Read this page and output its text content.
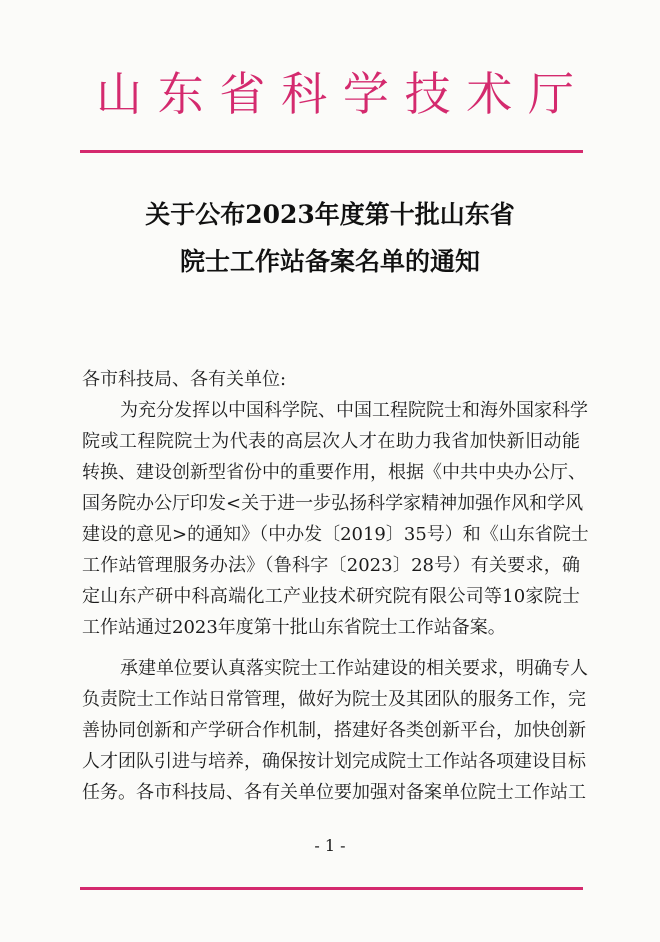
山东省科学技术厅
关于公布2023年度第十批山东省
院士工作站备案名单的通知
各市科技局、各有关单位:
为充分发挥以中国科学院、中国工程院院士和海外国家科学
院或工程院院士为代表的高层次人才在助力我省加快新旧动能
转换、建设创新型省份中的重要作用，根据《中共中央办公厅、
国务院办公厅印发<关于进一步弘扬科学家精神加强作风和学风
建设的意见>的通知》（中办发〔2019〕35号）和《山东省院士
工作站管理服务办法》（鲁科字〔2023〕28号）有关要求，确
定山东产研中科高端化工产业技术研究院有限公司等10家院士
工作站通过2023年度第十批山东省院士工作站备案。
承建单位要认真落实院士工作站建设的相关要求，明确专人
负责院士工作站日常管理，做好为院士及其团队的服务工作，完
善协同创新和产学研合作机制，搭建好各类创新平台，加快创新
人才团队引进与培养，确保按计划完成院士工作站各项建设目标
任务。各市科技局、各有关单位要加强对备案单位院士工作站工
- 1 -
